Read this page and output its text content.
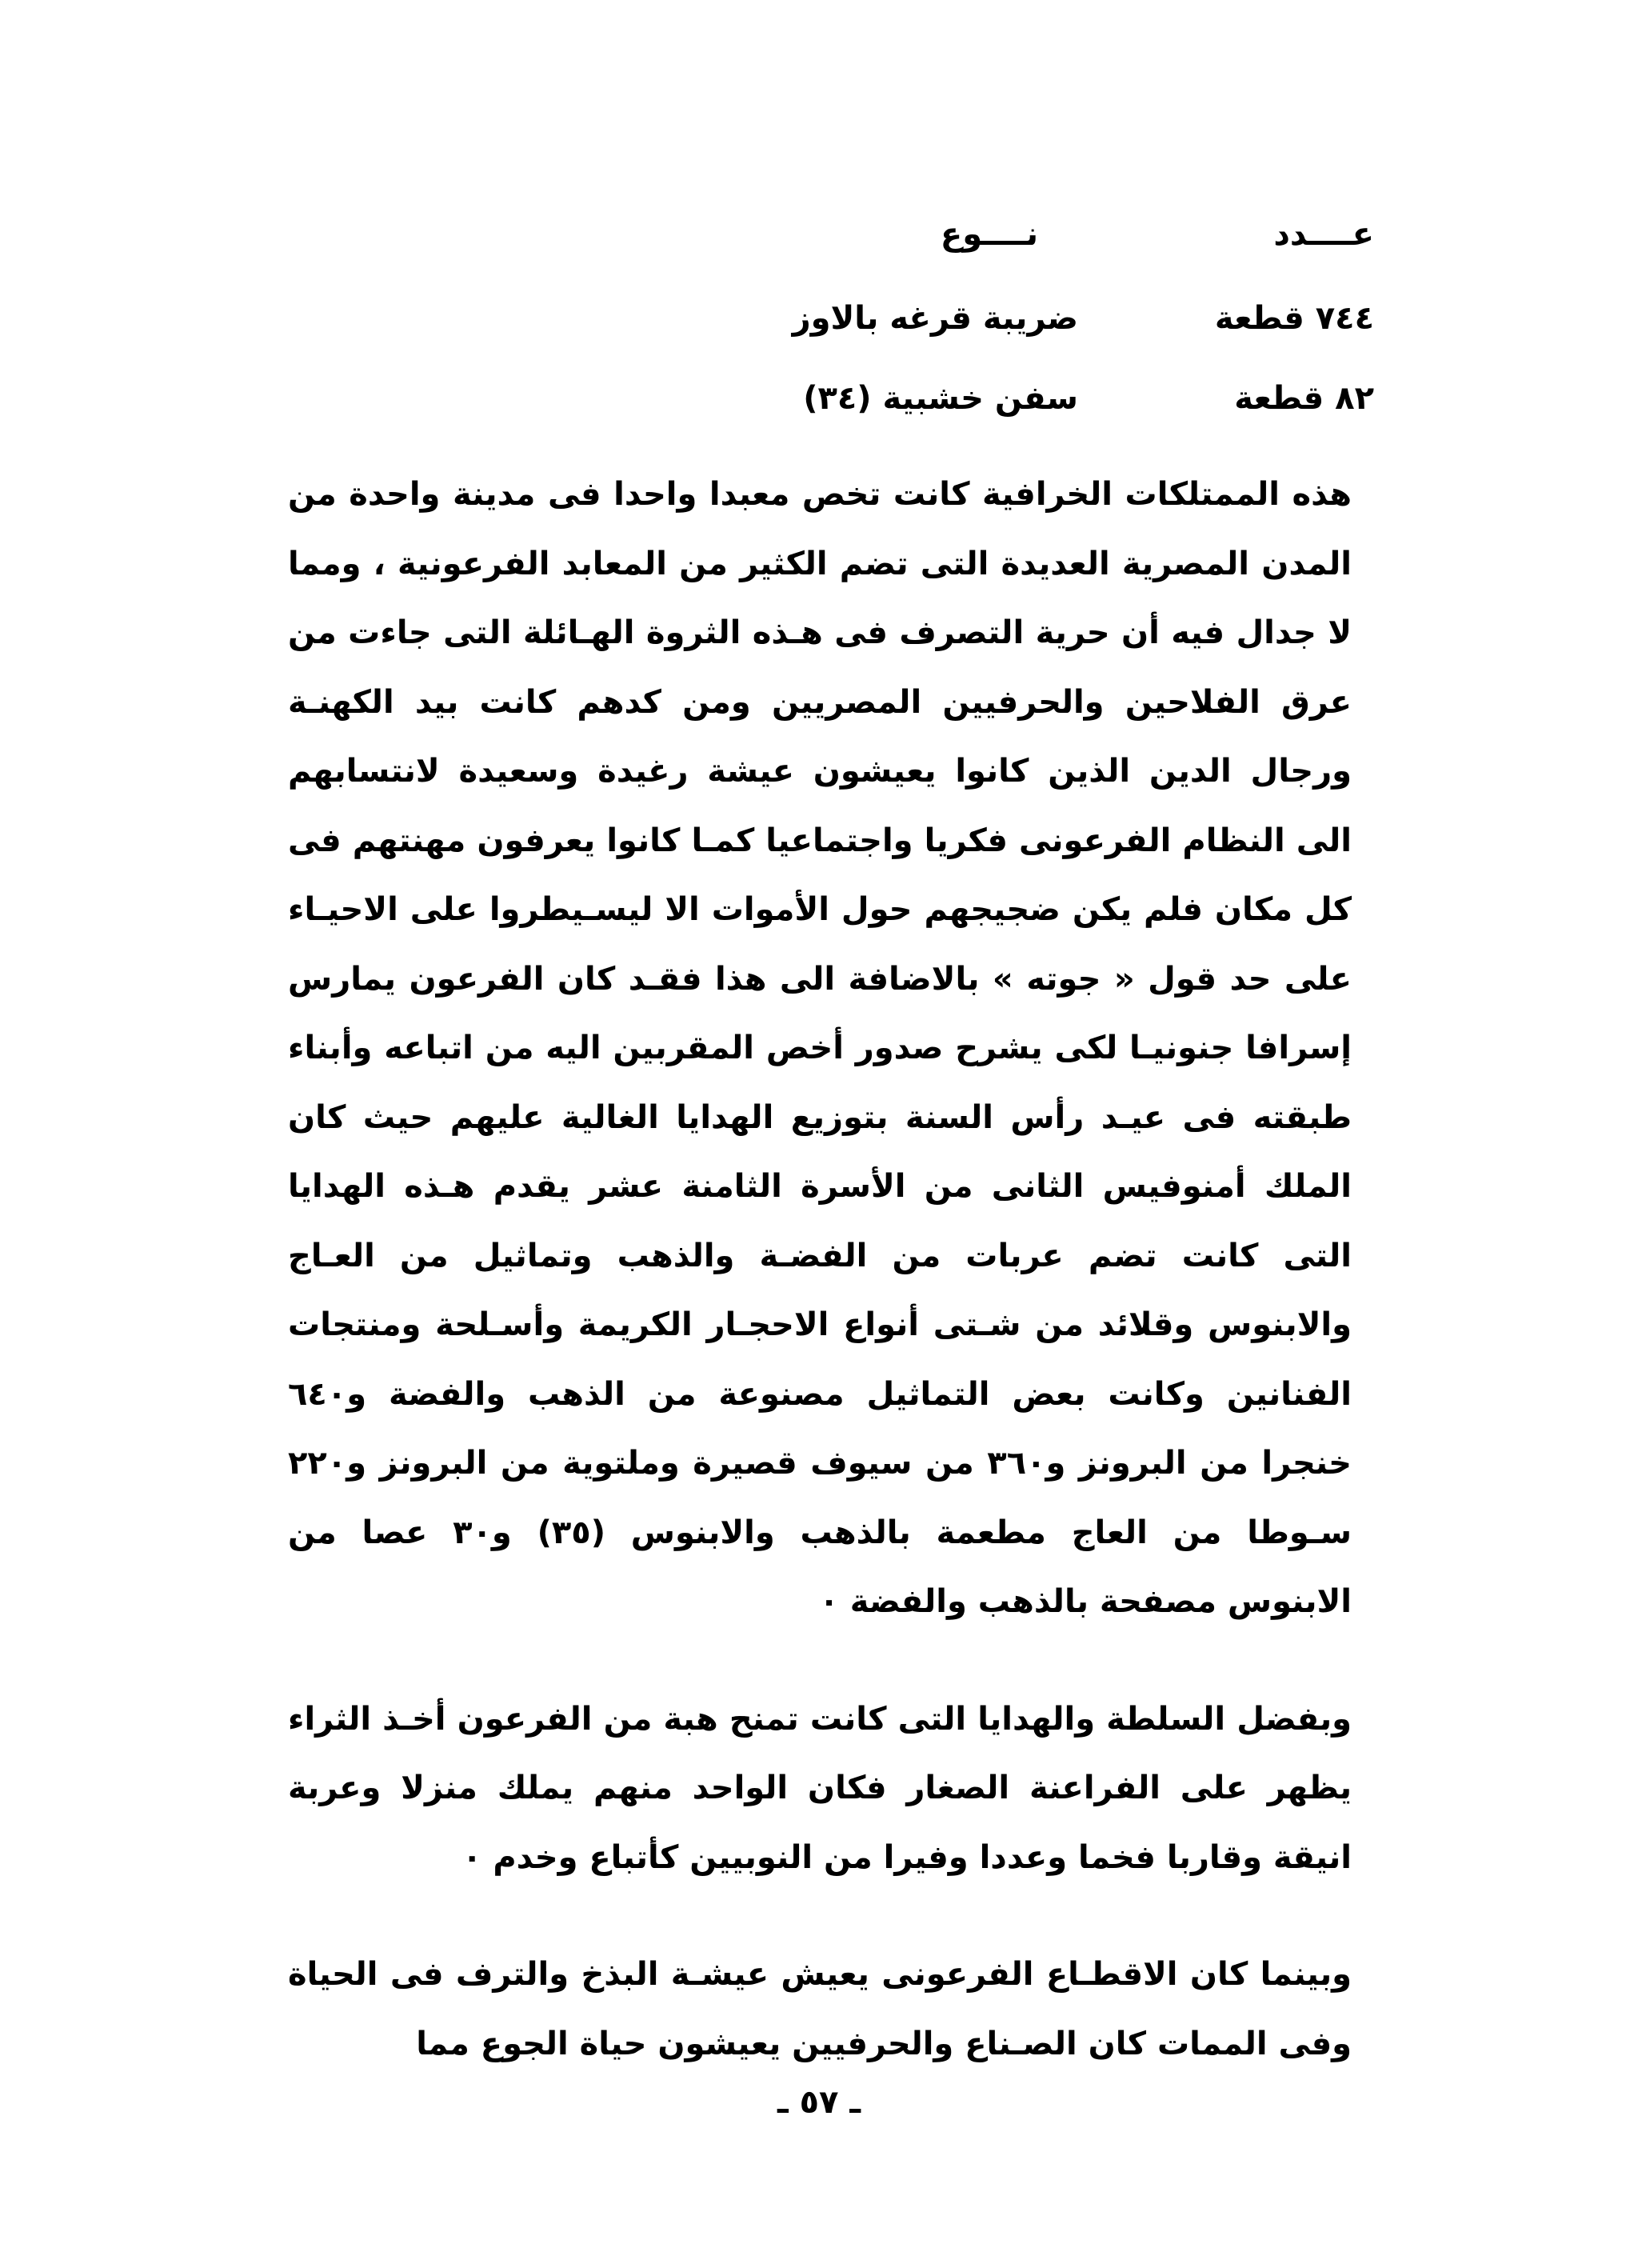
عــــدد
نــــوع
٧٤٤ قطعة
ضريبة قرغه بالاوز
٨٢ قطعة
سفن خشبية (٣٤)

هذه الممتلكات الخرافية كانت تخص معبدا واحدا فى مدينة واحدة من المدن المصرية العديدة التى تضم الكثير من المعابد الفرعونية ، ومما لا جدال فيه أن حرية التصرف فى هـذه الثروة الهـائلة التى جاءت من عرق الفلاحين والحرفيين المصريين ومن كدهم كانت بيد الكهنـة ورجال الدين الذين كانوا يعيشون عيشة رغيدة وسعيدة لانتسابهم الى النظام الفرعونى فكريا واجتماعيا كمـا كانوا يعرفون مهنتهم فى كل مكان فلم يكن ضجيجهم حول الأموات الا ليسـيطروا على الاحيـاء على حد قول « جوته » بالاضافة الى هذا فقـد كان الفرعون يمارس إسرافا جنونيـا لكى يشرح صدور أخص المقربين اليه من اتباعه وأبناء طبقته فى عيـد رأس السنة بتوزيع الهدايا الغالية عليهم حيث كان الملك أمنوفيس الثانى من الأسرة الثامنة عشر يقدم هـذه الهدايا التى كانت تضم عربات من الفضـة والذهب وتماثيل من العـاج والابنوس وقلائد من شـتى أنواع الاحجـار الكريمة وأسـلحة ومنتجات الفنانين وكانت بعض التماثيل مصنوعة من الذهب والفضة و٦٤٠ خنجرا من البرونز و٣٦٠ من سيوف قصيرة وملتوية من البرونز و٢٢٠ سـوطا من العاج مطعمة بالذهب والابنوس (٣٥) و٣٠ عصا من الابنوس مصفحة بالذهب والفضة ٠

وبفضل السلطة والهدايا التى كانت تمنح هبة من الفرعون أخـذ الثراء يظهر على الفراعنة الصغار فكان الواحد منهم يملك منزلا وعربة انيقة وقاربا فخما وعددا وفيرا من النوبيين كأتباع وخدم ٠

وبينما كان الاقطـاع الفرعونى يعيش عيشـة البذخ والترف فى الحياة وفى الممات كان الصـناع والحرفيين يعيشون حياة الجوع مما

ـ ٥٧ ـ
